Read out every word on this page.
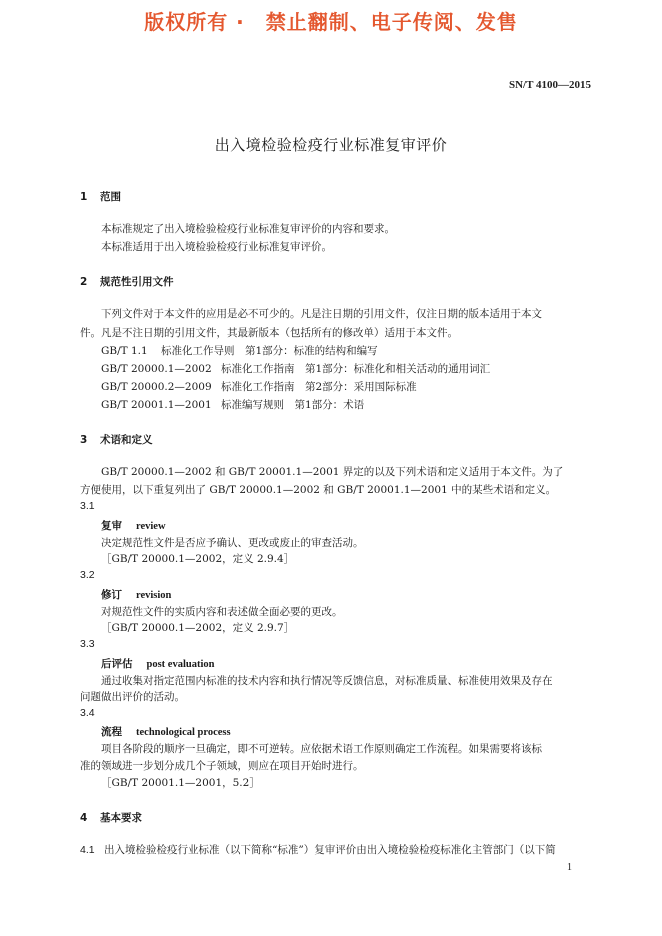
版权所有 ·　禁止翻制、电子传阅、发售
SN/T 4100—2015
出入境检验检疫行业标准复审评价
1 范围
本标准规定了出入境检验检疫行业标准复审评价的内容和要求。
本标准适用于出入境检验检疫行业标准复审评价。
2 规范性引用文件
下列文件对于本文件的应用是必不可少的。凡是注日期的引用文件，仅注日期的版本适用于本文
件。凡是不注日期的引用文件，其最新版本（包括所有的修改单）适用于本文件。
GB/T 1.1 标准化工作导则　第1部分：标准的结构和编写
GB/T 20000.1—2002 标准化工作指南　第1部分：标准化和相关活动的通用词汇
GB/T 20000.2—2009 标准化工作指南　第2部分：采用国际标准
GB/T 20001.1—2001 标准编写规则　第1部分：术语
3 术语和定义
GB/T 20000.1—2002 和 GB/T 20001.1—2001 界定的以及下列术语和定义适用于本文件。为了
方便使用，以下重复列出了 GB/T 20000.1—2002 和 GB/T 20001.1—2001 中的某些术语和定义。
3.1
复审 review
决定规范性文件是否应予确认、更改或废止的审查活动。
［GB/T 20000.1—2002，定义 2.9.4］
3.2
修订 revision
对规范性文件的实质内容和表述做全面必要的更改。
［GB/T 20000.1—2002，定义 2.9.7］
3.3
后评估 post evaluation
通过收集对指定范围内标准的技术内容和执行情况等反馈信息，对标准质量、标准使用效果及存在
问题做出评价的活动。
3.4
流程 technological process
项目各阶段的顺序一旦确定，即不可逆转。应依据术语工作原则确定工作流程。如果需要将该标
准的领域进一步划分成几个子领域，则应在项目开始时进行。
［GB/T 20001.1—2001，5.2］
4 基本要求
4.1 出入境检验检疫行业标准（以下简称“标准”）复审评价由出入境检验检疫标准化主管部门（以下简
1
